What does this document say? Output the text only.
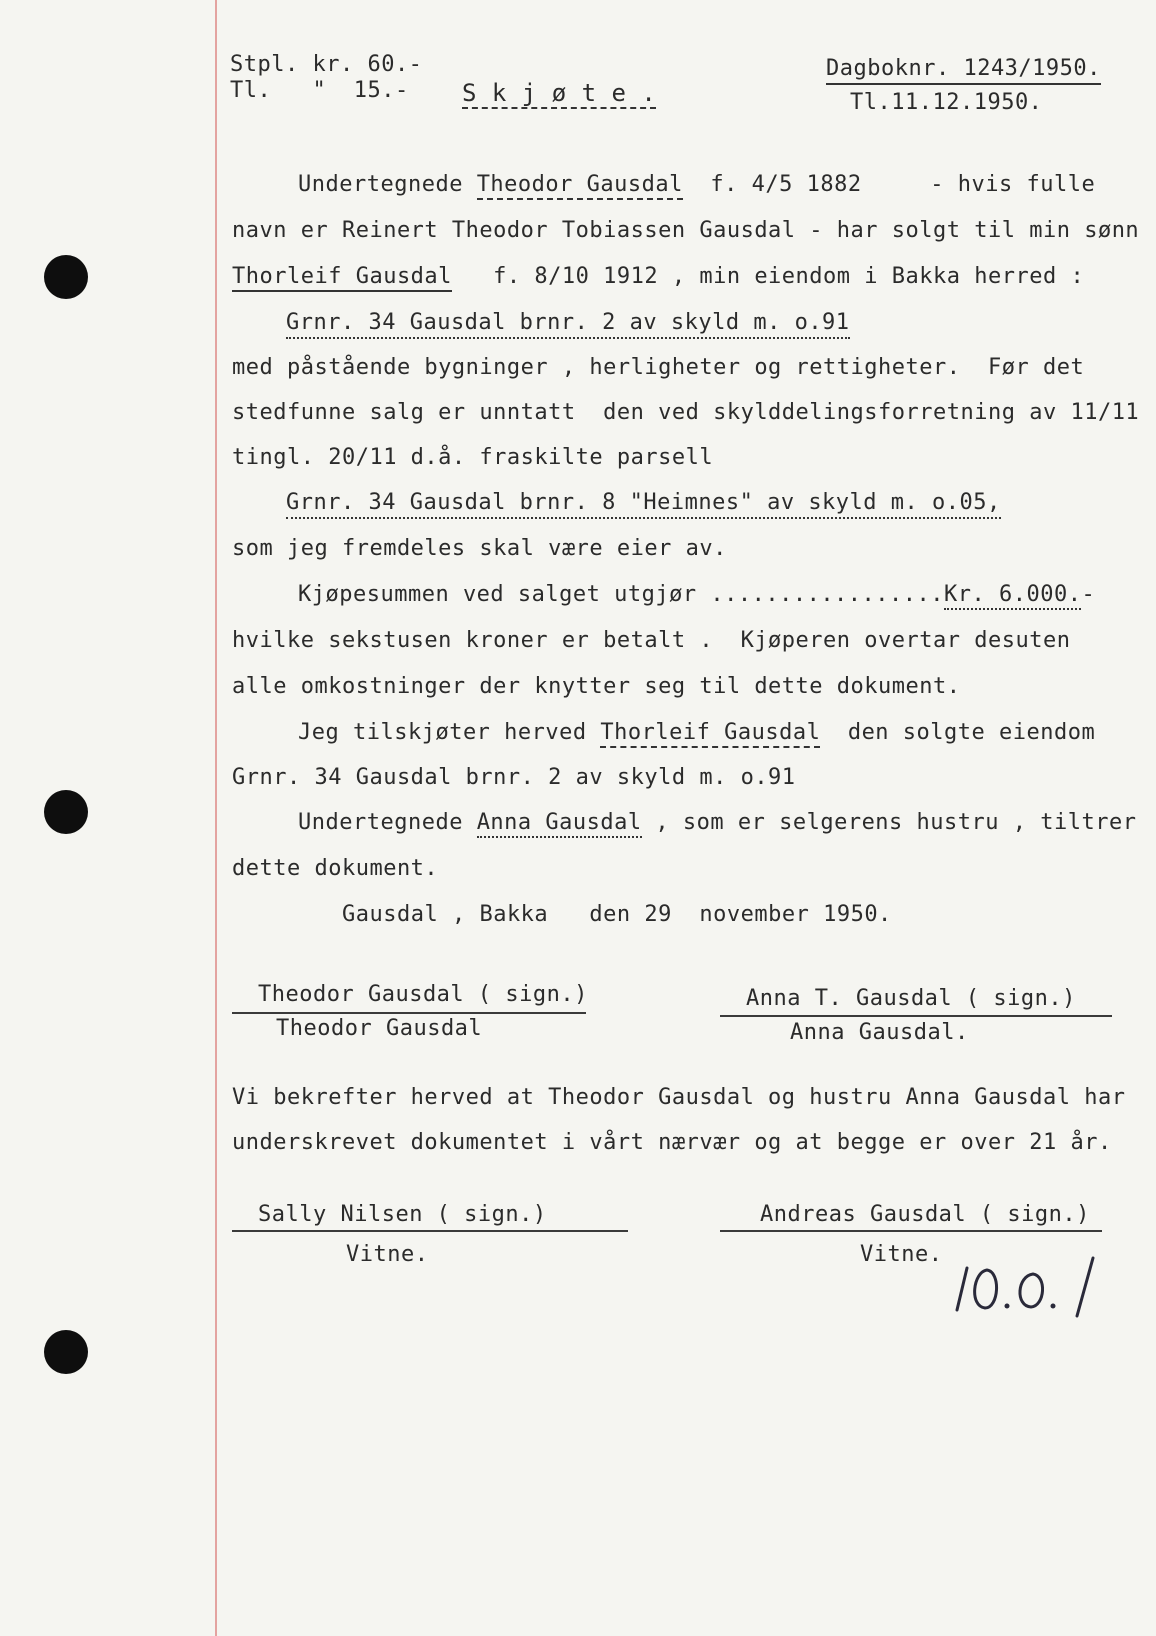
Stpl. kr. 60.-
Tl.   "  15.- S k j ø t e .
Dagboknr. 1243/1950.
Tl.11.12.1950.
Undertegnede Theodor Gausdal  f. 4/5 1882     - hvis fulle
navn er Reinert Theodor Tobiassen Gausdal - har solgt til min sønn
Thorleif Gausdal   f. 8/10 1912 , min eiendom i Bakka herred :
Grnr. 34 Gausdal brnr. 2 av skyld m. o.91
med påstående bygninger , herligheter og rettigheter.  Før det
stedfunne salg er unntatt  den ved skylddelingsforretning av 11/11
tingl. 20/11 d.å. fraskilte parsell
Grnr. 34 Gausdal brnr. 8 "Heimnes" av skyld m. o.05,
som jeg fremdeles skal være eier av.
Kjøpesummen ved salget utgjør .................Kr. 6.000.-
hvilke sekstusen kroner er betalt .  Kjøperen overtar desuten
alle omkostninger der knytter seg til dette dokument.
Jeg tilskjøter herved Thorleif Gausdal  den solgte eiendom
Grnr. 34 Gausdal brnr. 2 av skyld m. o.91
Undertegnede Anna Gausdal , som er selgerens hustru , tiltrer
dette dokument.
Gausdal , Bakka   den 29  november 1950.
Theodor Gausdal ( sign.)
Theodor Gausdal
Anna T. Gausdal ( sign.)
Anna Gausdal.
Vi bekrefter herved at Theodor Gausdal og hustru Anna Gausdal har
underskrevet dokumentet i vårt nærvær og at begge er over 21 år.
Sally Nilsen ( sign.)
Vitne.
Andreas Gausdal ( sign.)
Vitne.
